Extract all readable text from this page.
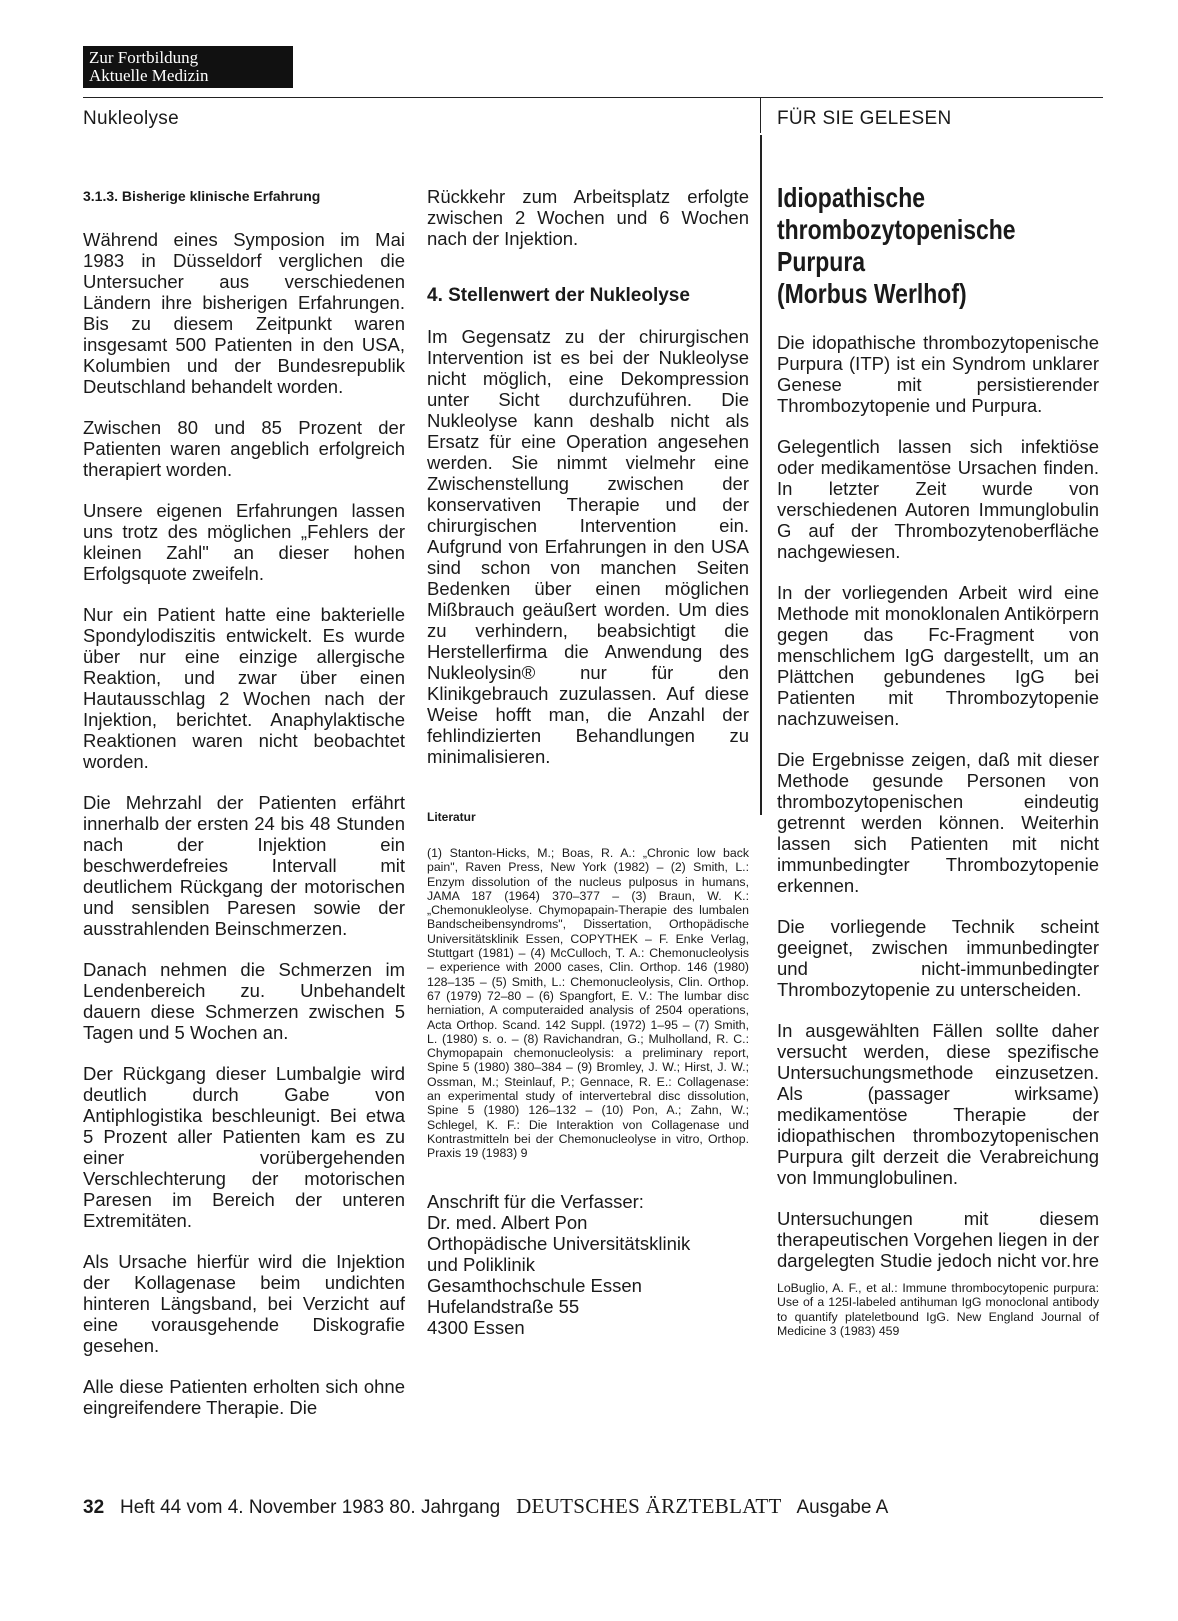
Zur Fortbildung
Aktuelle Medizin
Nukleolyse	FÜR SIE GELESEN
3.1.3. Bisherige klinische Erfahrung

Während eines Symposion im Mai 1983 in Düsseldorf verglichen die Untersucher aus verschiedenen Ländern ihre bisherigen Erfahrungen. Bis zu diesem Zeitpunkt waren insgesamt 500 Patienten in den USA, Kolumbien und der Bundesrepublik Deutschland behandelt worden.

Zwischen 80 und 85 Prozent der Patienten waren angeblich erfolgreich therapiert worden.

Unsere eigenen Erfahrungen lassen uns trotz des möglichen „Fehlers der kleinen Zahl" an dieser hohen Erfolgsquote zweifeln.

Nur ein Patient hatte eine bakterielle Spondylodiszitis entwickelt. Es wurde über nur eine einzige allergische Reaktion, und zwar über einen Hautausschlag 2 Wochen nach der Injektion, berichtet. Anaphylaktische Reaktionen waren nicht beobachtet worden.

Die Mehrzahl der Patienten erfährt innerhalb der ersten 24 bis 48 Stunden nach der Injektion ein beschwerdefreies Intervall mit deutlichem Rückgang der motorischen und sensiblen Paresen sowie der ausstrahlenden Beinschmerzen.

Danach nehmen die Schmerzen im Lendenbereich zu. Unbehandelt dauern diese Schmerzen zwischen 5 Tagen und 5 Wochen an.

Der Rückgang dieser Lumbalgie wird deutlich durch Gabe von Antiphlogistika beschleunigt. Bei etwa 5 Prozent aller Patienten kam es zu einer vorübergehenden Verschlechterung der motorischen Paresen im Bereich der unteren Extremitäten.

Als Ursache hierfür wird die Injektion der Kollagenase beim undichten hinteren Längsband, bei Verzicht auf eine vorausgehende Diskografie gesehen.

Alle diese Patienten erholten sich ohne eingreifendere Therapie. Die

Rückkehr zum Arbeitsplatz erfolgte zwischen 2 Wochen und 6 Wochen nach der Injektion.

4. Stellenwert der Nukleolyse

Im Gegensatz zu der chirurgischen Intervention ist es bei der Nukleolyse nicht möglich, eine Dekompression unter Sicht durchzuführen. Die Nukleolyse kann deshalb nicht als Ersatz für eine Operation angesehen werden. Sie nimmt vielmehr eine Zwischenstellung zwischen der konservativen Therapie und der chirurgischen Intervention ein. Aufgrund von Erfahrungen in den USA sind schon von manchen Seiten Bedenken über einen möglichen Mißbrauch geäußert worden. Um dies zu verhindern, beabsichtigt die Herstellerfirma die Anwendung des Nukleolysin® nur für den Klinikgebrauch zuzulassen. Auf diese Weise hofft man, die Anzahl der fehlindizierten Behandlungen zu minimalisieren.

Literatur
(1) Stanton-Hicks, M.; Boas, R. A.: „Chronic low back pain", Raven Press, New York (1982) – (2) Smith, L.: Enzym dissolution of the nucleus pulposus in humans, JAMA 187 (1964) 370–377 – (3) Braun, W. K.: „Chemonukleolyse. Chymopapain-Therapie des lumbalen Bandscheibensyndroms", Dissertation, Orthopädische Universitätsklinik Essen, COPYTHEK – F. Enke Verlag, Stuttgart (1981) – (4) McCulloch, T. A.: Chemonucleolysis – experience with 2000 cases, Clin. Orthop. 146 (1980) 128–135 – (5) Smith, L.: Chemonucleolysis, Clin. Orthop. 67 (1979) 72–80 – (6) Spangfort, E. V.: The lumbar disc herniation, A computeraided analysis of 2504 operations, Acta Orthop. Scand. 142 Suppl. (1972) 1–95 – (7) Smith, L. (1980) s. o. – (8) Ravichandran, G.; Mulholland, R. C.: Chymopapain chemonucleolysis: a preliminary report, Spine 5 (1980) 380–384 – (9) Bromley, J. W.; Hirst, J. W.; Ossman, M.; Steinlauf, P.; Gennace, R. E.: Collagenase: an experimental study of intervertebral disc dissolution, Spine 5 (1980) 126–132 – (10) Pon, A.; Zahn, W.; Schlegel, K. F.: Die Interaktion von Collagenase und Kontrastmitteln bei der Chemonucleolyse in vitro, Orthop. Praxis 19 (1983) 9

Anschrift für die Verfasser:

Dr. med. Albert Pon

Orthopädische Universitätsklinik

und Poliklinik

Gesamthochschule Essen

Hufelandstraße 55

4300 Essen

Idiopathische
thrombozytopenische
Purpura
(Morbus Werlhof)

Die idopathische thrombozytopenische Purpura (ITP) ist ein Syndrom unklarer Genese mit persistierender Thrombozytopenie und Purpura.

Gelegentlich lassen sich infektiöse oder medikamentöse Ursachen finden. In letzter Zeit wurde von verschiedenen Autoren Immunglobulin G auf der Thrombozytenoberfläche nachgewiesen.

In der vorliegenden Arbeit wird eine Methode mit monoklonalen Antikörpern gegen das Fc-Fragment von menschlichem IgG dargestellt, um an Plättchen gebundenes IgG bei Patienten mit Thrombozytopenie nachzuweisen.

Die Ergebnisse zeigen, daß mit dieser Methode gesunde Personen von thrombozytopenischen eindeutig getrennt werden können. Weiterhin lassen sich Patienten mit nicht immunbedingter Thrombozytopenie erkennen.

Die vorliegende Technik scheint geeignet, zwischen immunbedingter und nicht-immunbedingter Thrombozytopenie zu unterscheiden.

In ausgewählten Fällen sollte daher versucht werden, diese spezifische Untersuchungsmethode einzusetzen. Als (passager wirksame) medikamentöse Therapie der idiopathischen thrombozytopenischen Purpura gilt derzeit die Verabreichung von Immunglobulinen.

Untersuchungen mit diesem therapeutischen Vorgehen liegen in der dargelegten Studie jedoch nicht vor. hre

LoBuglio, A. F., et al.: Immune thrombocytopenic purpura: Use of a 125I-labeled antihuman IgG monoclonal antibody to quantify plateletbound IgG. New England Journal of Medicine 3 (1983) 459
32 Heft 44 vom 4. November 1983 80. Jahrgang DEUTSCHES ÄRZTEBLATT Ausgabe A
